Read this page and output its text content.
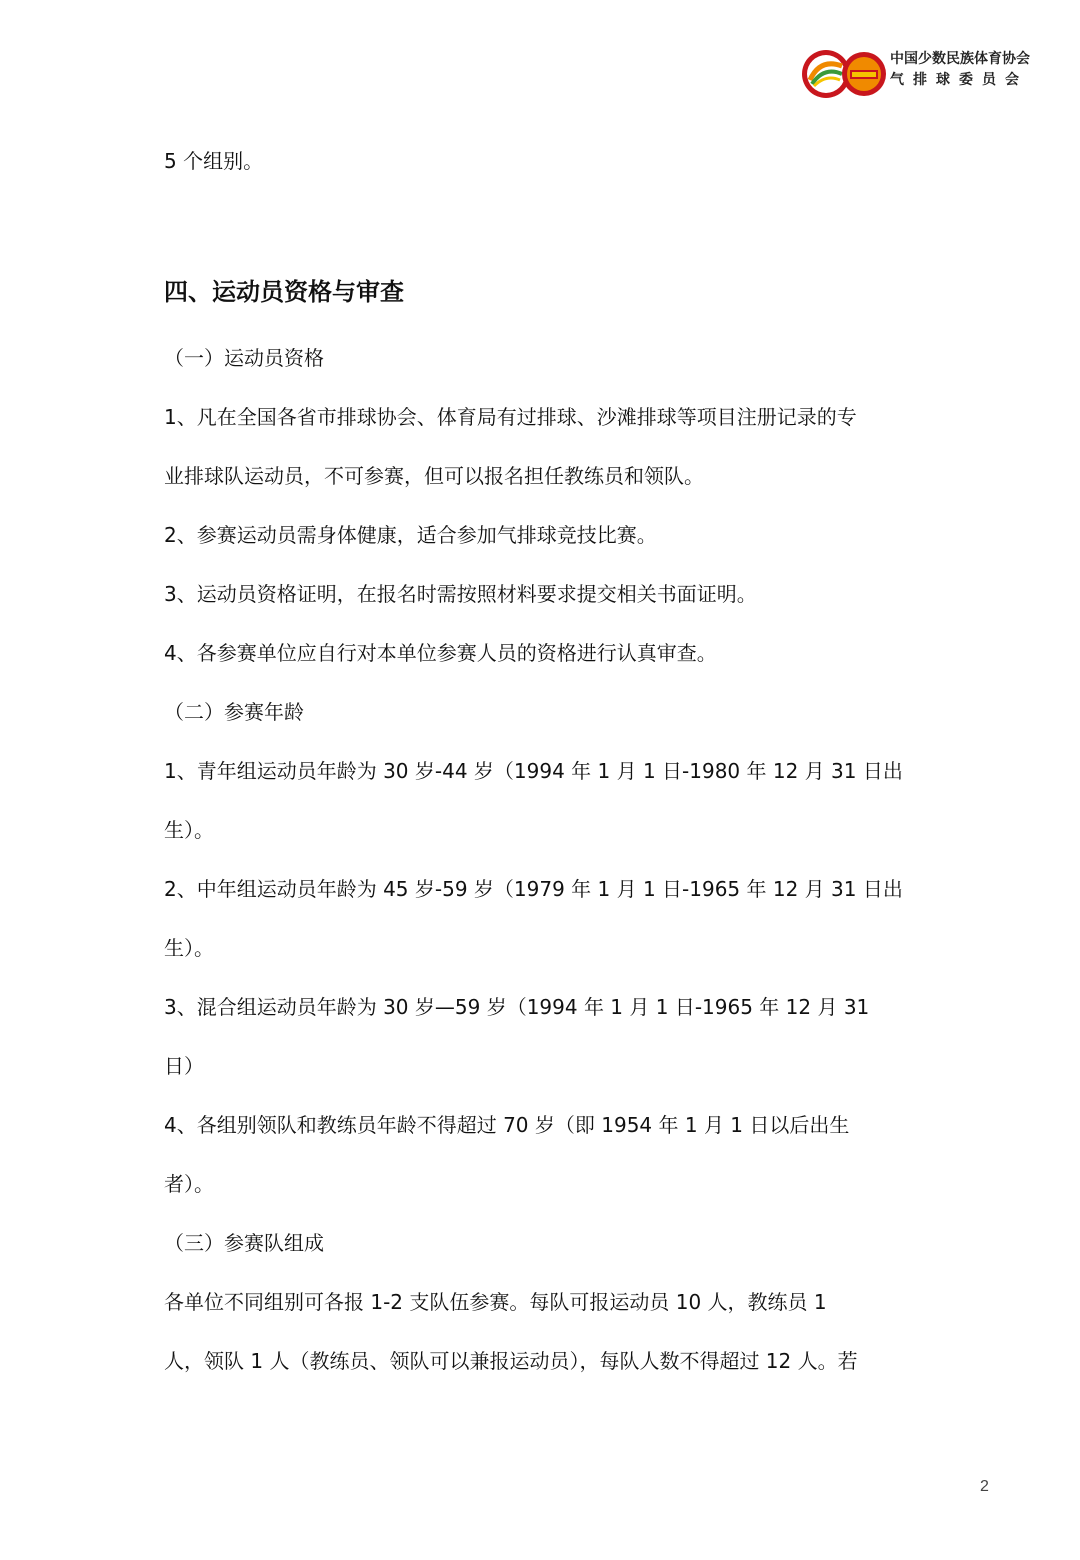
中国少数民族体育协会
气排球委员会
5 个组别。
四、运动员资格与审查
（一）运动员资格
1、凡在全国各省市排球协会、体育局有过排球、沙滩排球等项目注册记录的专
业排球队运动员，不可参赛，但可以报名担任教练员和领队。
2、参赛运动员需身体健康，适合参加气排球竞技比赛。
3、运动员资格证明，在报名时需按照材料要求提交相关书面证明。
4、各参赛单位应自行对本单位参赛人员的资格进行认真审查。
（二）参赛年龄
1、青年组运动员年龄为 30 岁-44 岁（1994 年 1 月 1 日-1980 年 12 月 31 日出
生）。
2、中年组运动员年龄为 45 岁-59 岁（1979 年 1 月 1 日-1965 年 12 月 31 日出
生）。
3、混合组运动员年龄为 30 岁—59 岁（1994 年 1 月 1 日-1965 年 12 月 31
日）
4、各组别领队和教练员年龄不得超过 70 岁（即 1954 年 1 月 1 日以后出生
者）。
（三）参赛队组成
各单位不同组别可各报 1-2 支队伍参赛。每队可报运动员 10 人，教练员 1
人，领队 1 人（教练员、领队可以兼报运动员），每队人数不得超过 12 人。若
2
